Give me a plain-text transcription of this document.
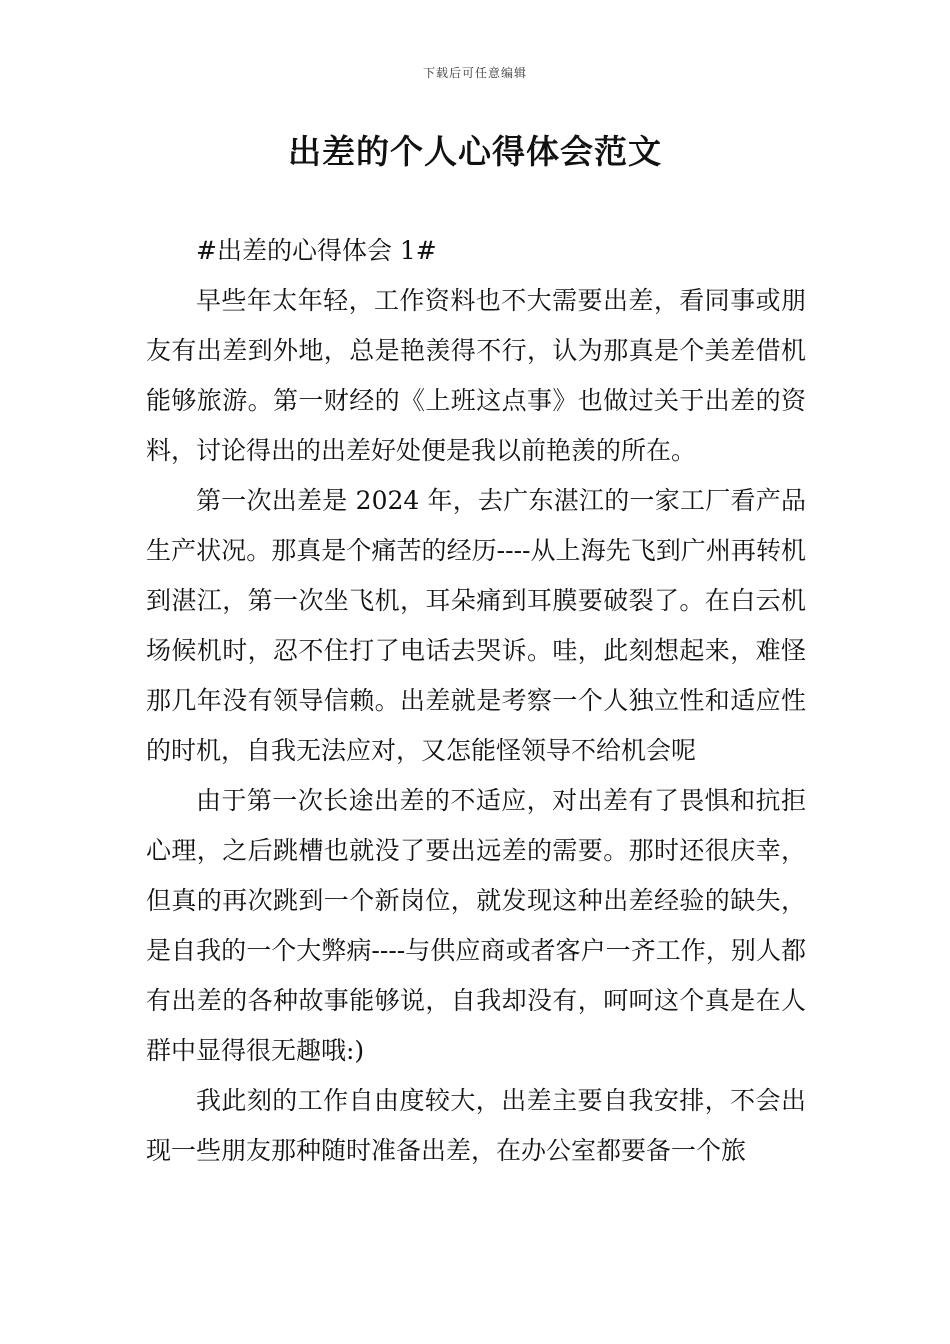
下载后可任意编辑
出差的个人心得体会范文

#出差的心得体会 1#

早些年太年轻，工作资料也不大需要出差，看同事或朋友有出差到外地，总是艳羡得不行，认为那真是个美差借机能够旅游。第一财经的《上班这点事》也做过关于出差的资料，讨论得出的出差好处便是我以前艳羡的所在。

第一次出差是 2024 年，去广东湛江的一家工厂看产品生产状况。那真是个痛苦的经历----从上海先飞到广州再转机到湛江，第一次坐飞机，耳朵痛到耳膜要破裂了。在白云机场候机时，忍不住打了电话去哭诉。哇，此刻想起来，难怪那几年没有领导信赖。出差就是考察一个人独立性和适应性的时机，自我无法应对，又怎能怪领导不给机会呢

由于第一次长途出差的不适应，对出差有了畏惧和抗拒心理，之后跳槽也就没了要出远差的需要。那时还很庆幸，但真的再次跳到一个新岗位，就发现这种出差经验的缺失，是自我的一个大弊病----与供应商或者客户一齐工作，别人都有出差的各种故事能够说，自我却没有，呵呵这个真是在人群中显得很无趣哦:)

我此刻的工作自由度较大，出差主要自我安排，不会出现一些朋友那种随时准备出差，在办公室都要备一个旅
